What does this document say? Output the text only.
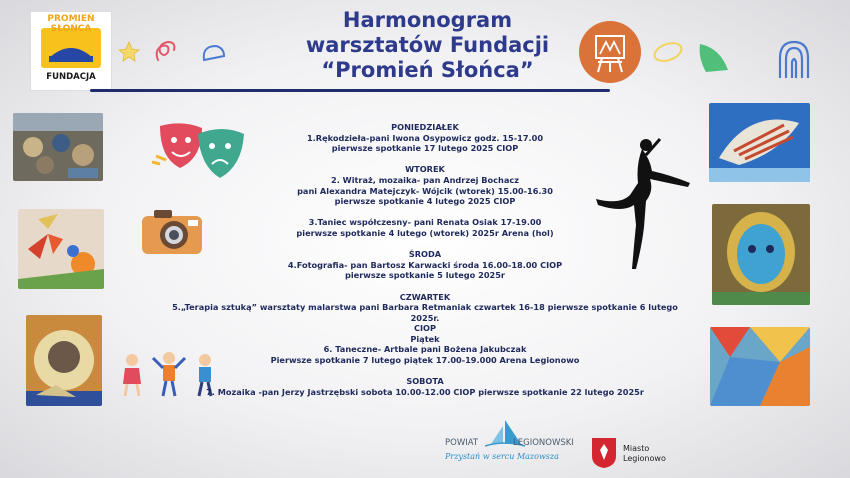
PROMIEŃ SŁOŃCA
FUNDACJA
Harmonogram
warsztatów Fundacji
“Promień Słońca”
PONIEDZIAŁEK
1.Rękodzieła-pani Iwona Osypowicz godz. 15-17.00
pierwsze spotkanie 17 lutego 2025 CIOP
WTOREK
2. Witraż, mozaika- pan Andrzej Bochacz
pani Alexandra Matejczyk- Wójcik (wtorek) 15.00-16.30
pierwsze spotkanie 4 lutego 2025 CIOP
3.Taniec współczesny- pani Renata Osiak 17-19.00
pierwsze spotkanie 4 lutego (wtorek) 2025r Arena (hol)
ŚRODA
4.Fotografia- pan Bartosz Karwacki środa 16.00-18.00 CIOP
pierwsze spotkanie 5 lutego 2025r
CZWARTEK
5.„Terapia sztuką” warsztaty malarstwa pani Barbara Retmaniak czwartek 16-18 pierwsze spotkanie 6 lutego 2025r.
CIOP
Piątek
6. Taneczne- Artbale pani Bożena Jakubczak
Pierwsze spotkanie 7 lutego piątek 17.00-19.000 Arena Legionowo
SOBOTA
7. Mozaika -pan Jerzy Jastrzębski sobota 10.00-12.00 CIOP pierwsze spotkanie 22 lutego 2025r
POWIAT	LEGIONOWSKI
Przystań w sercu Mazowsza
Miasto
Legionowo
